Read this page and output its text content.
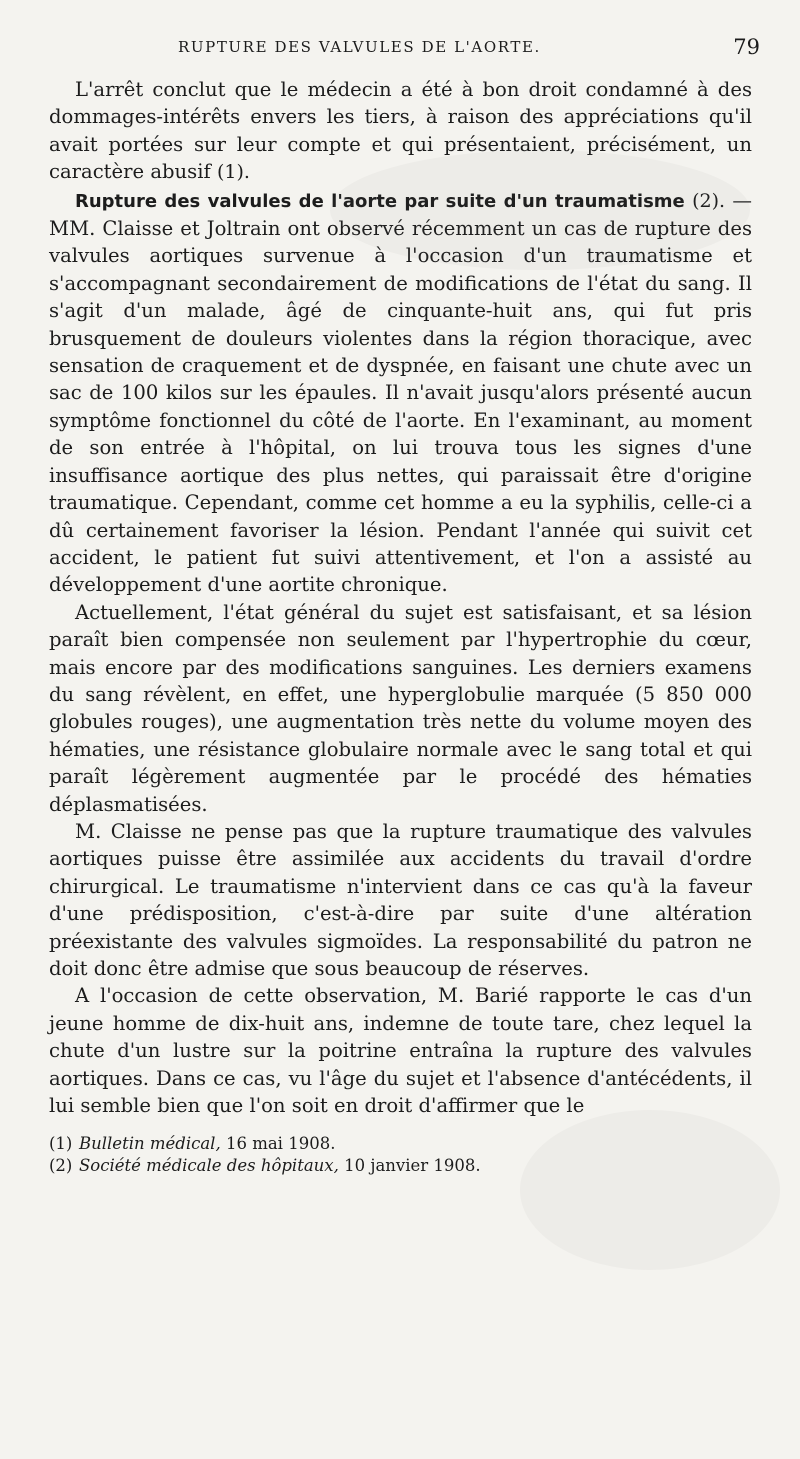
RUPTURE DES VALVULES DE L'AORTE.	79

L'arrêt conclut que le médecin a été à bon droit condamné à des dommages-intérêts envers les tiers, à raison des appréciations qu'il avait portées sur leur compte et qui présentaient, précisément, un caractère abusif (1).

Rupture des valvules de l'aorte par suite d'un traumatisme (2). — MM. Claisse et Joltrain ont observé récemment un cas de rupture des valvules aortiques survenue à l'occasion d'un traumatisme et s'accompagnant secondairement de modifications de l'état du sang. Il s'agit d'un malade, âgé de cinquante-huit ans, qui fut pris brusquement de douleurs violentes dans la région thoracique, avec sensation de craquement et de dyspnée, en faisant une chute avec un sac de 100 kilos sur les épaules. Il n'avait jusqu'alors présenté aucun symptôme fonctionnel du côté de l'aorte. En l'examinant, au moment de son entrée à l'hôpital, on lui trouva tous les signes d'une insuffisance aortique des plus nettes, qui paraissait être d'origine traumatique. Cependant, comme cet homme a eu la syphilis, celle-ci a dû certainement favoriser la lésion. Pendant l'année qui suivit cet accident, le patient fut suivi attentivement, et l'on a assisté au développement d'une aortite chronique.

Actuellement, l'état général du sujet est satisfaisant, et sa lésion paraît bien compensée non seulement par l'hypertrophie du cœur, mais encore par des modifications sanguines. Les derniers examens du sang révèlent, en effet, une hyperglobulie marquée (5 850 000 globules rouges), une augmentation très nette du volume moyen des hématies, une résistance globulaire normale avec le sang total et qui paraît légèrement augmentée par le procédé des hématies déplasmatisées.

M. Claisse ne pense pas que la rupture traumatique des valvules aortiques puisse être assimilée aux accidents du travail d'ordre chirurgical. Le traumatisme n'intervient dans ce cas qu'à la faveur d'une prédisposition, c'est-à-dire par suite d'une altération préexistante des valvules sigmoïdes. La responsabilité du patron ne doit donc être admise que sous beaucoup de réserves.

A l'occasion de cette observation, M. Barié rapporte le cas d'un jeune homme de dix-huit ans, indemne de toute tare, chez lequel la chute d'un lustre sur la poitrine entraîna la rupture des valvules aortiques. Dans ce cas, vu l'âge du sujet et l'absence d'antécédents, il lui semble bien que l'on soit en droit d'affirmer que le

(1) Bulletin médical, 16 mai 1908.

(2) Société médicale des hôpitaux, 10 janvier 1908.
